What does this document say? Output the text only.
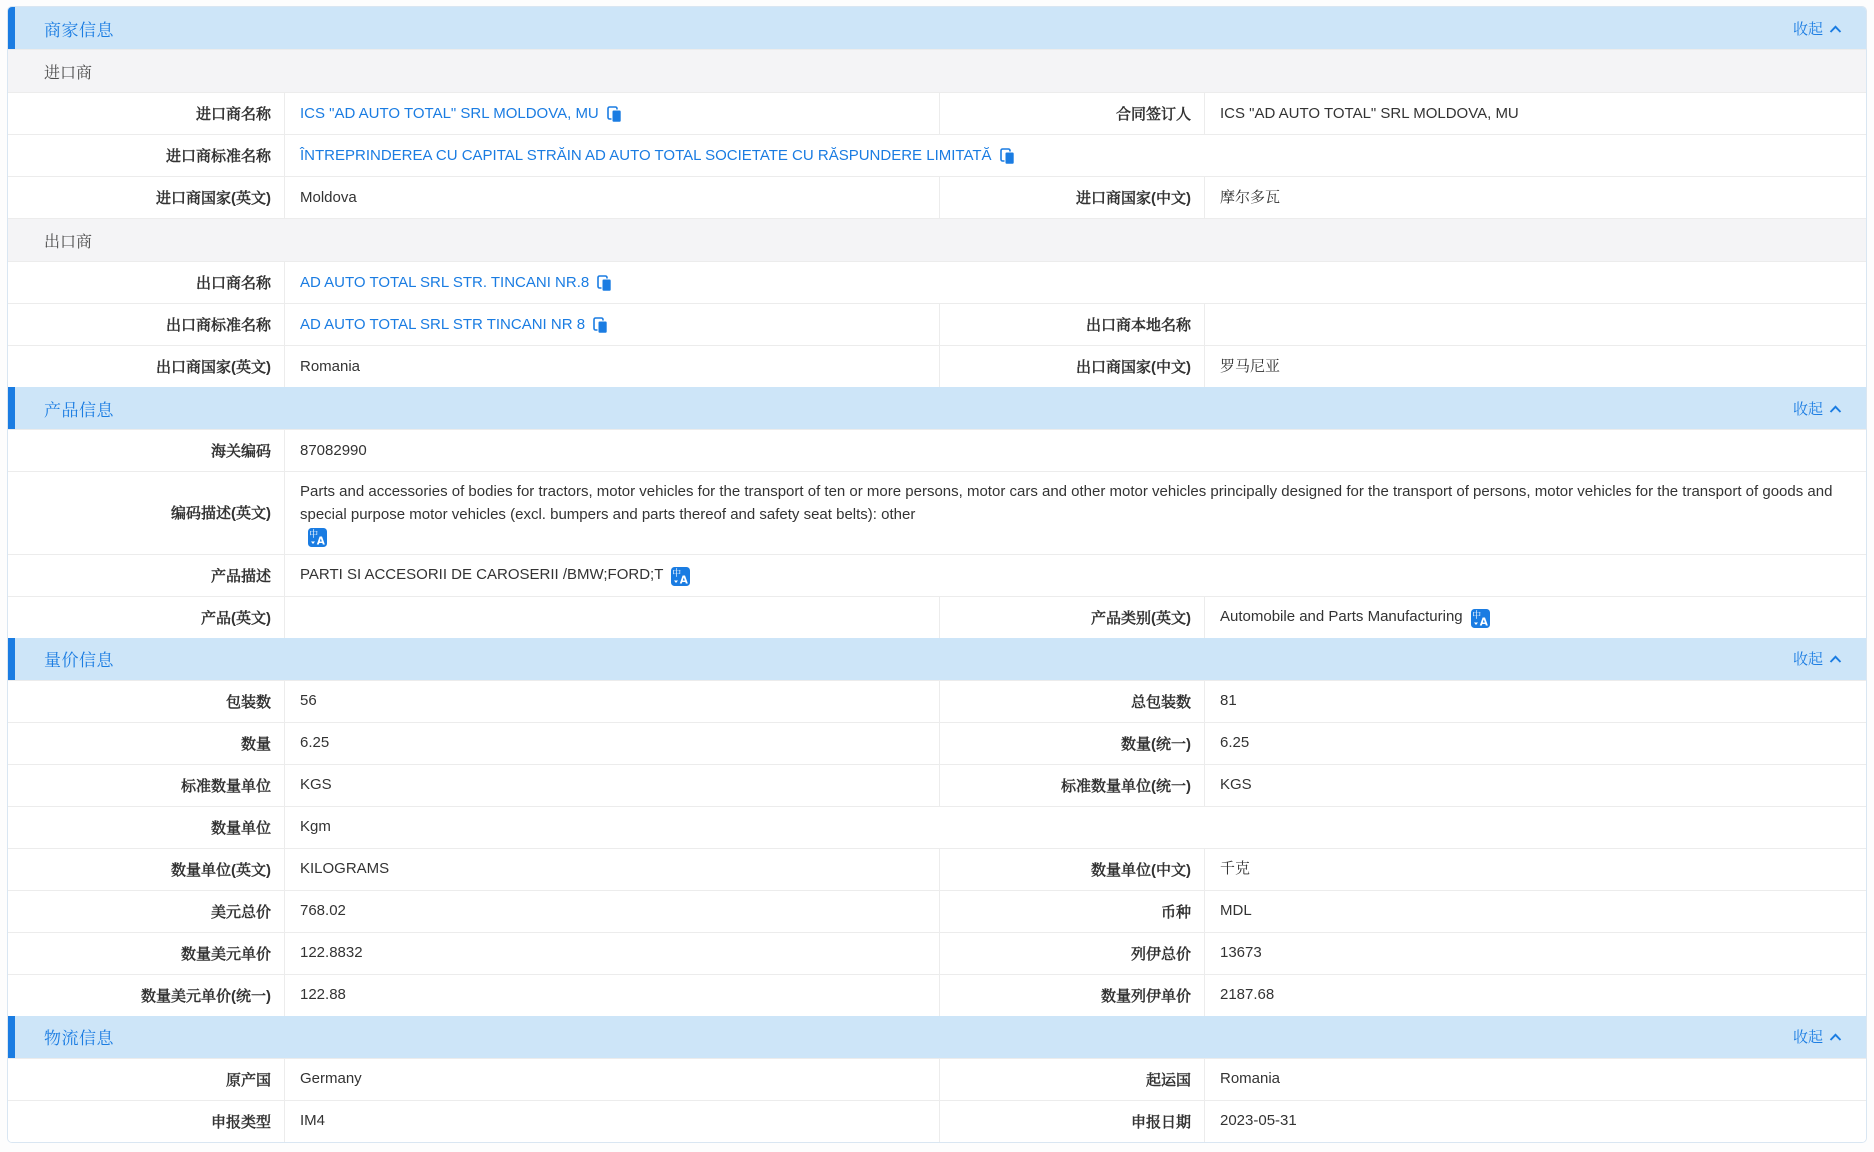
商家信息	收起
进口商
进口商名称 ICS "AD AUTO TOTAL" SRL MOLDOVA, MU	合同签订人 ICS "AD AUTO TOTAL" SRL MOLDOVA, MU
进口商标准名称 ÎNTREPRINDEREA CU CAPITAL STRĂIN AD AUTO TOTAL SOCIETATE CU RĂSPUNDERE LIMITATĂ
进口商国家(英文) Moldova	进口商国家(中文) 摩尔多瓦
出口商
出口商名称 AD AUTO TOTAL SRL STR. TINCANI NR.8
出口商标准名称 AD AUTO TOTAL SRL STR TINCANI NR 8	出口商本地名称
出口商国家(英文) Romania	出口商国家(中文) 罗马尼亚
产品信息	收起
海关编码 87082990
编码描述(英文)
Parts and accessories of bodies for tractors, motor vehicles for the transport of ten or more persons, motor cars and other motor vehicles principally designed for the transport of persons, motor vehicles for the transport of goods and special purpose motor vehicles (excl. bumpers and parts thereof and safety seat belts): other
中
A
产品描述 PARTI SI ACCESORII DE CAROSERII /BMW;FORD;T 中
A
产品(英文)	产品类别(英文) Automobile and Parts Manufacturing 中
A
量价信息	收起
包装数 56	总包装数 81
数量 6.25	数量(统一) 6.25
标准数量单位 KGS	标准数量单位(统一) KGS
数量单位 Kgm
数量单位(英文) KILOGRAMS	数量单位(中文) 千克
美元总价 768.02	币种 MDL
数量美元单价 122.8832	列伊总价 13673
数量美元单价(统一) 122.88	数量列伊单价 2187.68
物流信息	收起
原产国 Germany	起运国 Romania
申报类型 IM4	申报日期 2023-05-31
